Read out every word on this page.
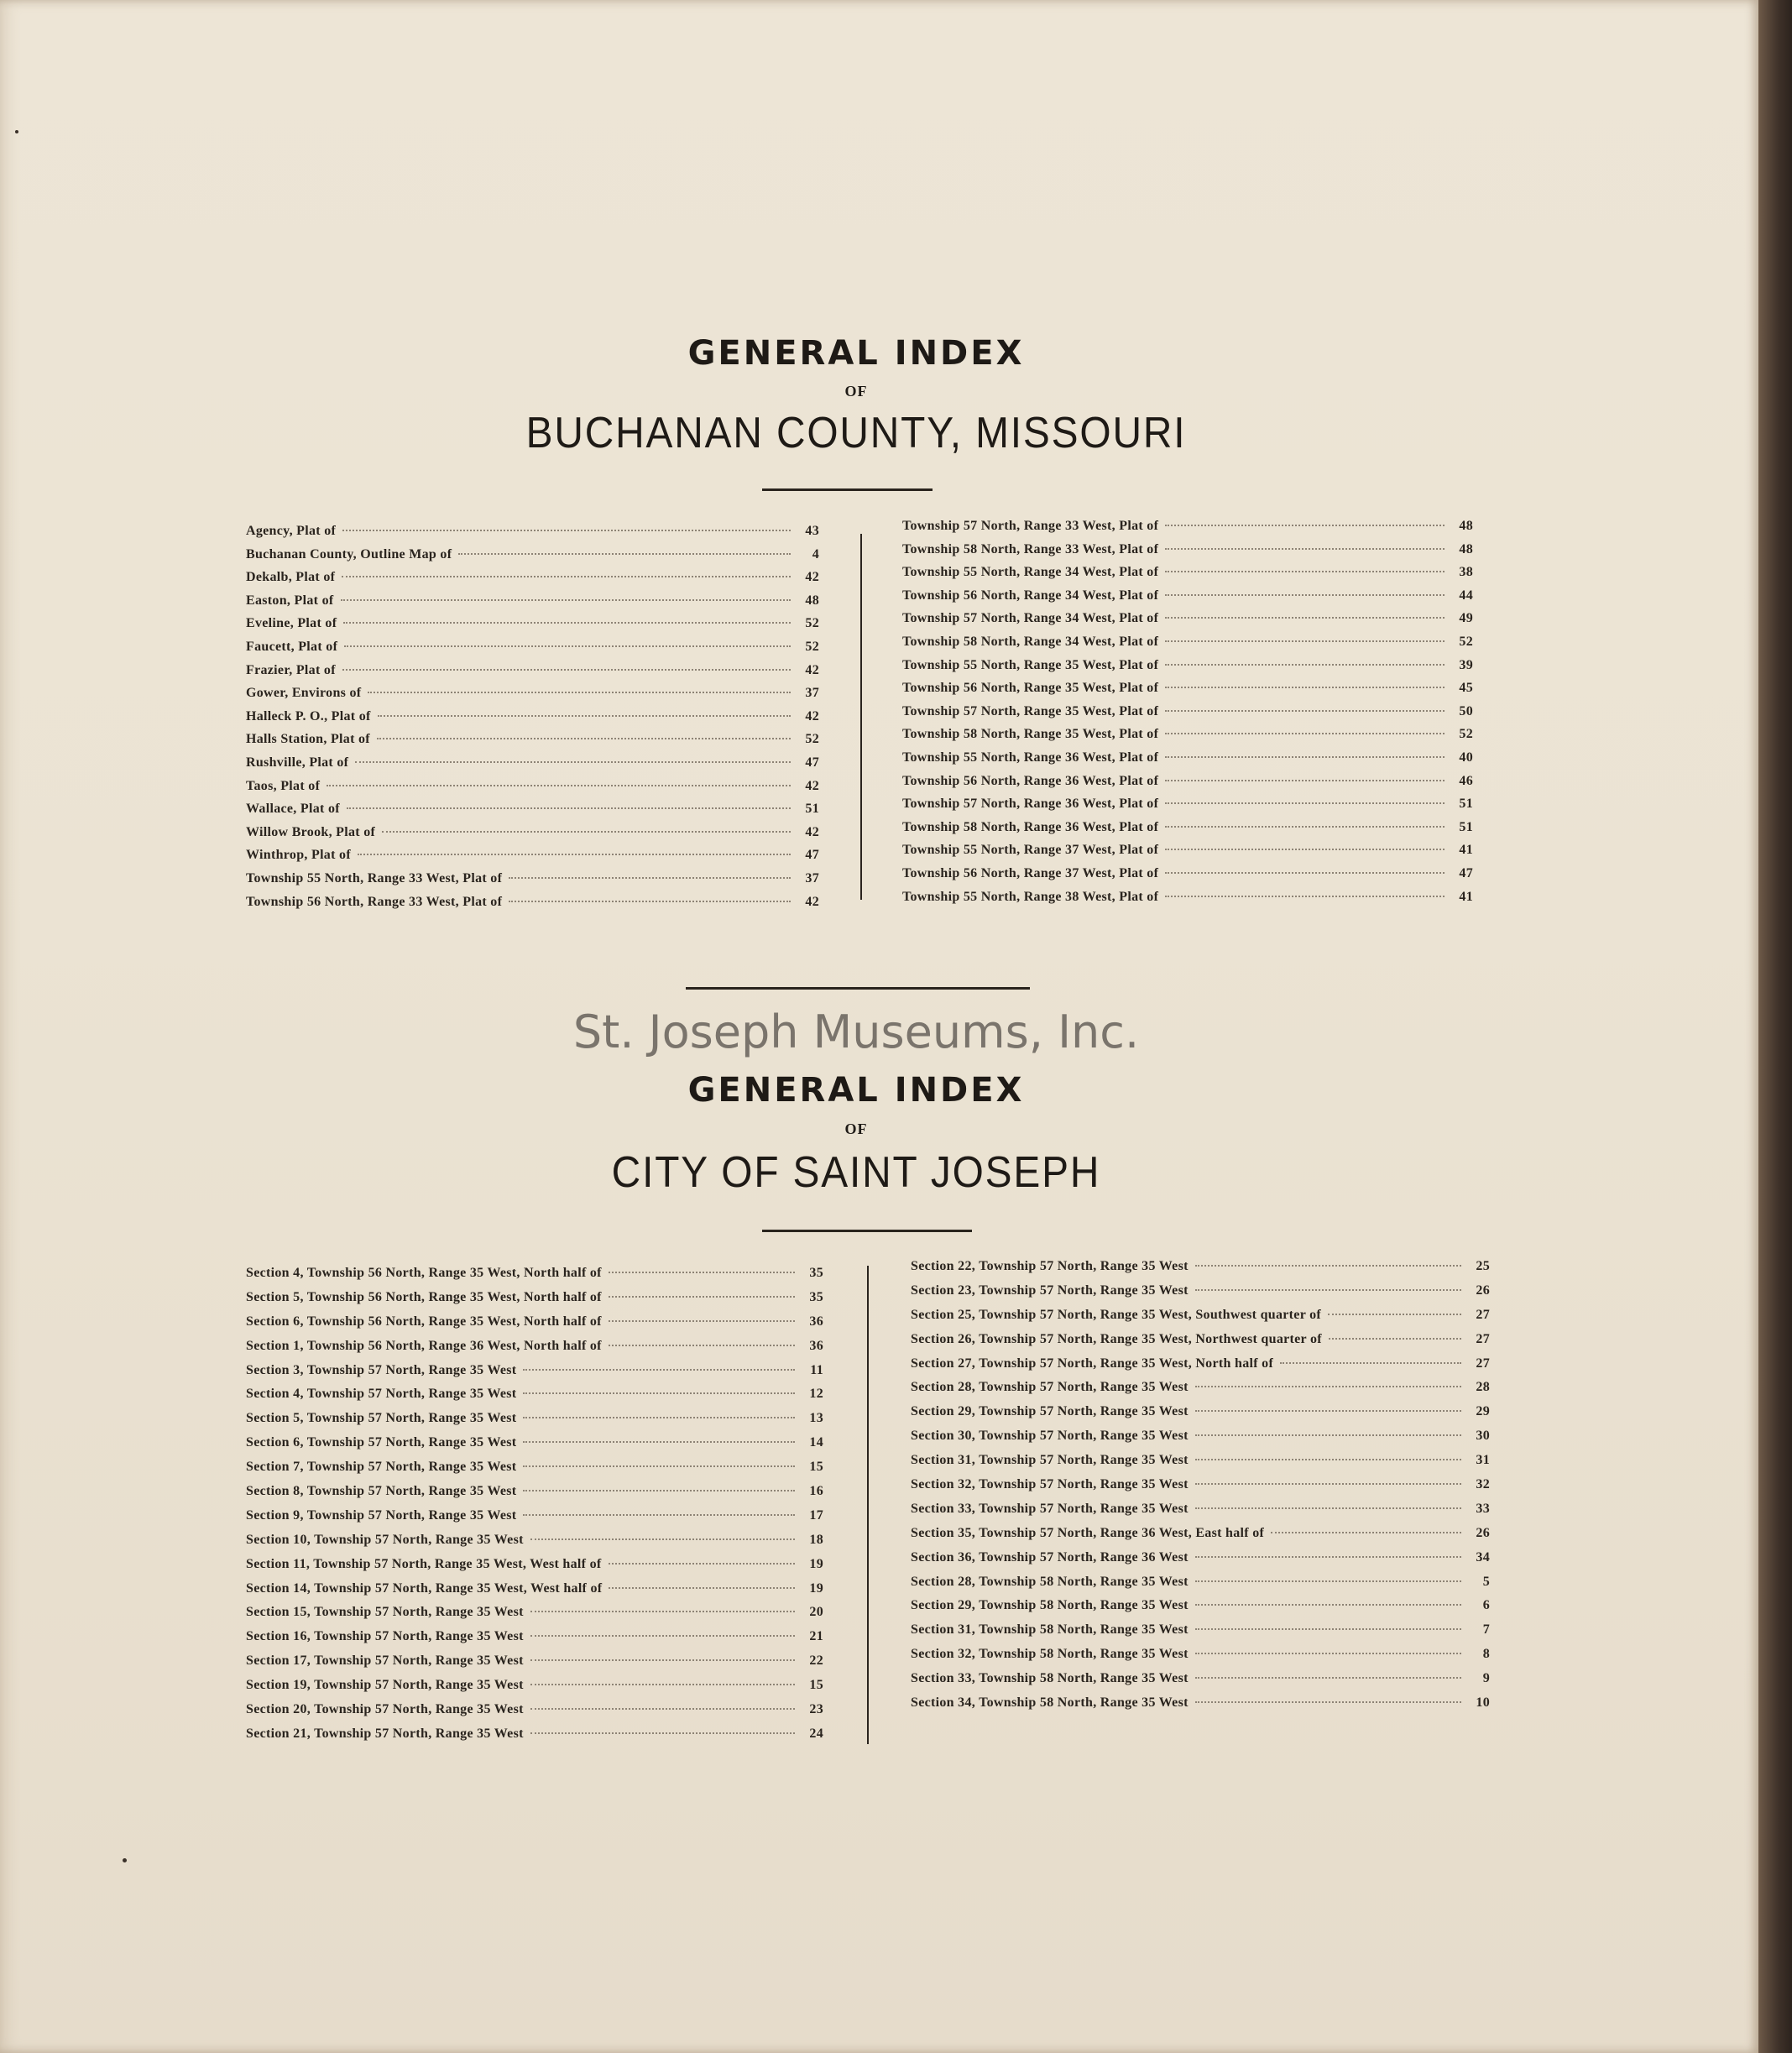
GENERAL INDEX
OF
BUCHANAN COUNTY, MISSOURI
Agency, Plat of	43
Buchanan County, Outline Map of	4
Dekalb, Plat of	42
Easton, Plat of	48
Eveline, Plat of	52
Faucett, Plat of	52
Frazier, Plat of	42
Gower, Environs of	37
Halleck P. O., Plat of	42
Halls Station, Plat of	52
Rushville, Plat of	47
Taos, Plat of	42
Wallace, Plat of	51
Willow Brook, Plat of	42
Winthrop, Plat of	47
Township 55 North, Range 33 West, Plat of	37
Township 56 North, Range 33 West, Plat of	42
Township 57 North, Range 33 West, Plat of	48
Township 58 North, Range 33 West, Plat of	48
Township 55 North, Range 34 West, Plat of	38
Township 56 North, Range 34 West, Plat of	44
Township 57 North, Range 34 West, Plat of	49
Township 58 North, Range 34 West, Plat of	52
Township 55 North, Range 35 West, Plat of	39
Township 56 North, Range 35 West, Plat of	45
Township 57 North, Range 35 West, Plat of	50
Township 58 North, Range 35 West, Plat of	52
Township 55 North, Range 36 West, Plat of	40
Township 56 North, Range 36 West, Plat of	46
Township 57 North, Range 36 West, Plat of	51
Township 58 North, Range 36 West, Plat of	51
Township 55 North, Range 37 West, Plat of	41
Township 56 North, Range 37 West, Plat of	47
Township 55 North, Range 38 West, Plat of	41
St. Joseph Museums, Inc.
GENERAL INDEX
OF
CITY OF SAINT JOSEPH
Section 4, Township 56 North, Range 35 West, North half of	35
Section 5, Township 56 North, Range 35 West, North half of	35
Section 6, Township 56 North, Range 35 West, North half of	36
Section 1, Township 56 North, Range 36 West, North half of	36
Section 3, Township 57 North, Range 35 West	11
Section 4, Township 57 North, Range 35 West	12
Section 5, Township 57 North, Range 35 West	13
Section 6, Township 57 North, Range 35 West	14
Section 7, Township 57 North, Range 35 West	15
Section 8, Township 57 North, Range 35 West	16
Section 9, Township 57 North, Range 35 West	17
Section 10, Township 57 North, Range 35 West	18
Section 11, Township 57 North, Range 35 West, West half of	19
Section 14, Township 57 North, Range 35 West, West half of	19
Section 15, Township 57 North, Range 35 West	20
Section 16, Township 57 North, Range 35 West	21
Section 17, Township 57 North, Range 35 West	22
Section 19, Township 57 North, Range 35 West	15
Section 20, Township 57 North, Range 35 West	23
Section 21, Township 57 North, Range 35 West	24
Section 22, Township 57 North, Range 35 West	25
Section 23, Township 57 North, Range 35 West	26
Section 25, Township 57 North, Range 35 West, Southwest quarter of	27
Section 26, Township 57 North, Range 35 West, Northwest quarter of	27
Section 27, Township 57 North, Range 35 West, North half of	27
Section 28, Township 57 North, Range 35 West	28
Section 29, Township 57 North, Range 35 West	29
Section 30, Township 57 North, Range 35 West	30
Section 31, Township 57 North, Range 35 West	31
Section 32, Township 57 North, Range 35 West	32
Section 33, Township 57 North, Range 35 West	33
Section 35, Township 57 North, Range 36 West, East half of	26
Section 36, Township 57 North, Range 36 West	34
Section 28, Township 58 North, Range 35 West	5
Section 29, Township 58 North, Range 35 West	6
Section 31, Township 58 North, Range 35 West	7
Section 32, Township 58 North, Range 35 West	8
Section 33, Township 58 North, Range 35 West	9
Section 34, Township 58 North, Range 35 West	10
